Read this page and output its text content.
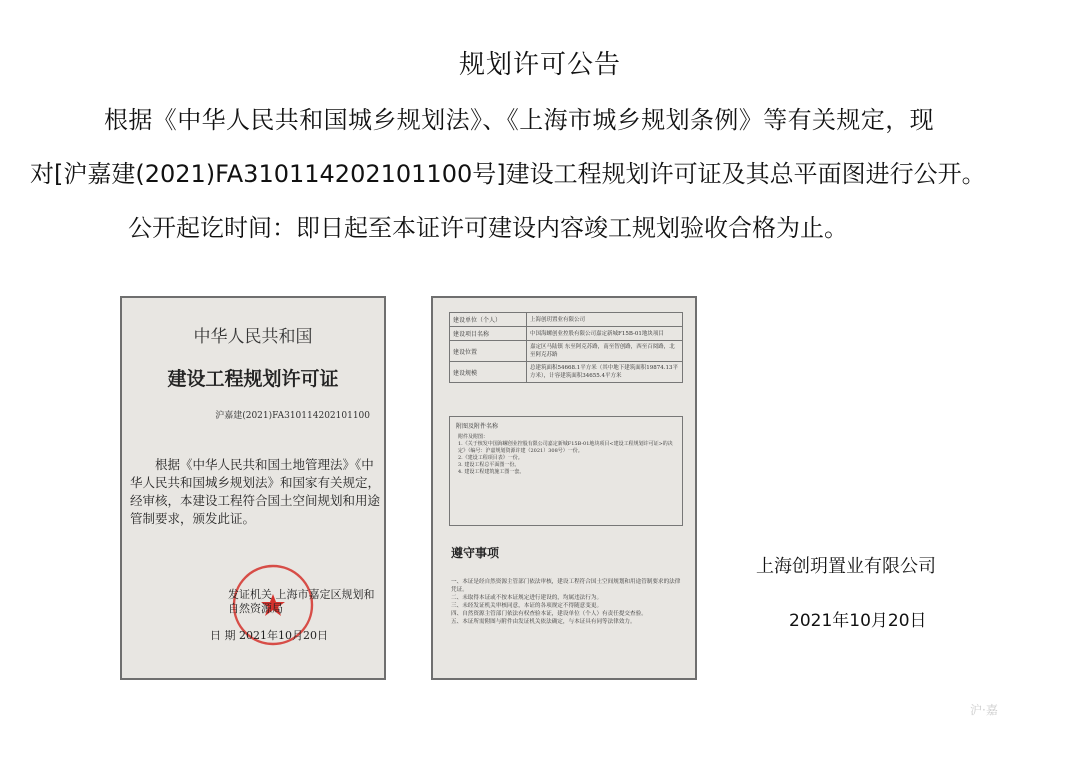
规划许可公告
根据《中华人民共和国城乡规划法》、《上海市城乡规划条例》等有关规定，现
对[沪嘉建(2021)FA310114202101100号]建设工程规划许可证及其总平面图进行公开。
公开起讫时间：即日起至本证许可建设内容竣工规划验收合格为止。
中华人民共和国
建设工程规划许可证
沪嘉建(2021)FA310114202101100
根据《中华人民共和国土地管理法》《中华人民共和国城乡规划法》和国家有关规定，经审核，本建设工程符合国土空间规划和用途管制要求，颁发此证。
发证机关 上海市嘉定区规划和自然资源局
日 期 2021年10月20日
建设单位（个人）	上海创玥置业有限公司
建设项目名称	中国海螺创业控股有限公司嘉定新城F15B-01地块项目
建设位置	嘉定区马陆镇 东至阿克苏路，南至智创路，西至百阅路，北至阿克苏路
建设规模	总建筑面积54668.1平方米（其中地下建筑面积19874.13平方米），计容建筑面积34655.4平方米
附图及附件名称
附件及附图：
1.《关于核发中国海螺创业控股有限公司嘉定新城F15B-01地块项目<建设工程规划许可证>的决定》（编号：沪嘉规划资源许建（2021）308号）一份。
2.《建设工程项目表》一份。
3. 建设工程总平面图一份。
4. 建设工程建筑施工图一套。
遵守事项
一、本证是经自然资源主管部门依法审核，建设工程符合国土空间规划和用途管制要求的法律凭证。
二、未取得本证或不按本证规定进行建设的，均属违法行为。
三、未经发证机关审核同意，本证的各项规定不得随意变更。
四、自然资源主管部门依法有权查验本证，建设单位（个人）有责任提交查验。
五、本证所需附图与附件由发证机关依法确定，与本证具有同等法律效力。
上海创玥置业有限公司
2021年10月20日
沪·嘉
